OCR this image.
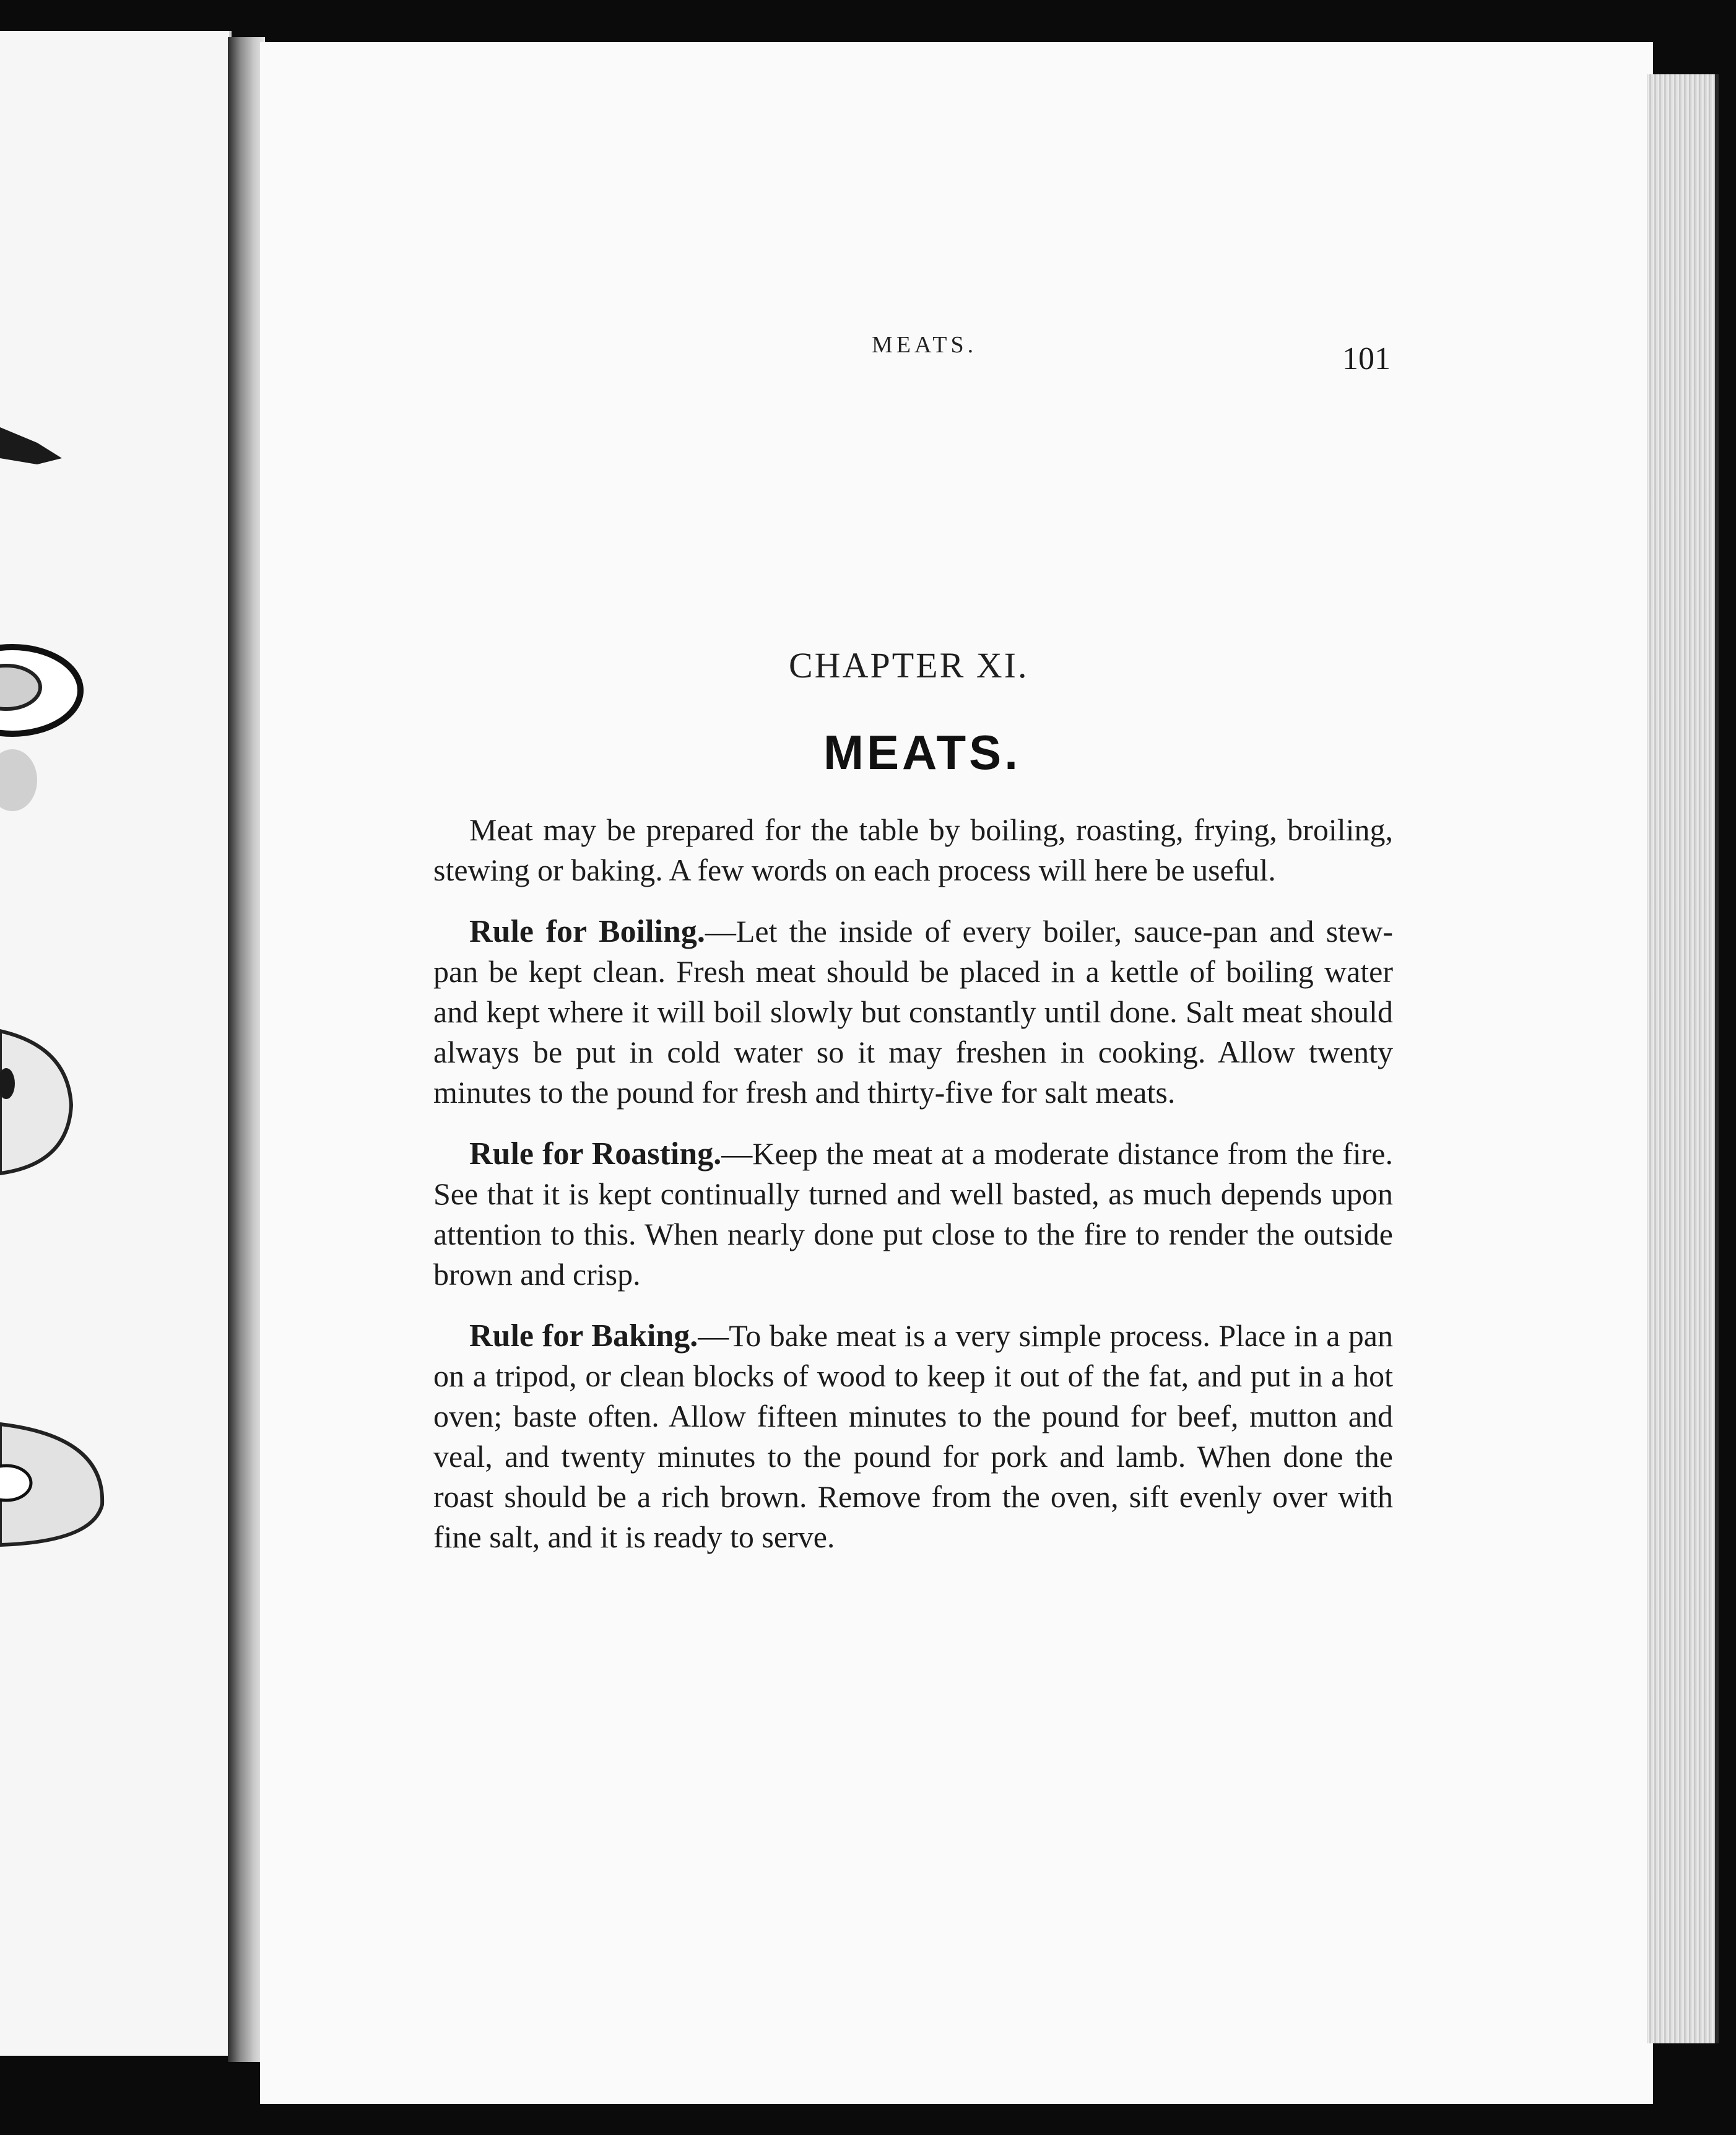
MEATS.	101
CHAPTER XI.
MEATS.

Meat may be prepared for the table by boiling, roasting, frying, broiling, stewing or baking. A few words on each process will here be useful.

Rule for Boiling.—Let the inside of every boiler, sauce-pan and stew-pan be kept clean. Fresh meat should be placed in a kettle of boiling water and kept where it will boil slowly but constantly until done. Salt meat should always be put in cold water so it may freshen in cooking. Allow twenty minutes to the pound for fresh and thirty-five for salt meats.

Rule for Roasting.—Keep the meat at a moderate distance from the fire. See that it is kept continually turned and well basted, as much depends upon attention to this. When nearly done put close to the fire to render the outside brown and crisp.

Rule for Baking.—To bake meat is a very simple process. Place in a pan on a tripod, or clean blocks of wood to keep it out of the fat, and put in a hot oven; baste often. Allow fifteen minutes to the pound for beef, mutton and veal, and twenty minutes to the pound for pork and lamb. When done the roast should be a rich brown. Remove from the oven, sift evenly over with fine salt, and it is ready to serve.
